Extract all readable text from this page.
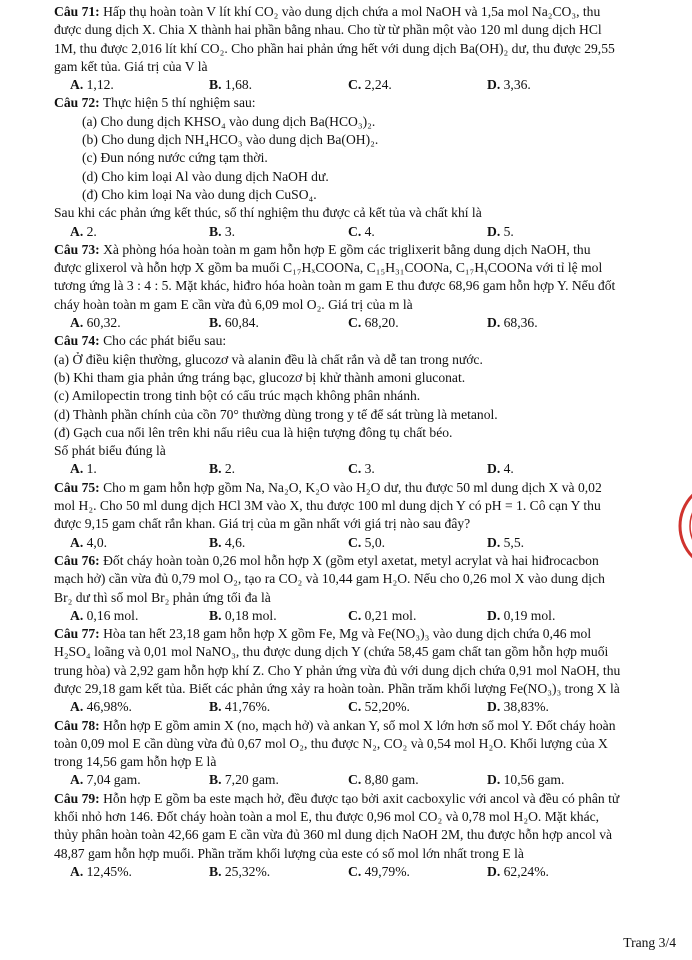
Câu 71: Hấp thụ hoàn toàn V lít khí CO₂ vào dung dịch chứa a mol NaOH và 1,5a mol Na₂CO₃, thu
được dung dịch X. Chia X thành hai phần bằng nhau. Cho từ từ phần một vào 120 ml dung dịch HCl
1M, thu được 2,016 lít khí CO₂. Cho phần hai phản ứng hết với dung dịch Ba(OH)₂ dư, thu được 29,55
gam kết tủa. Giá trị của V là
A. 1,12.	B. 1,68.	C. 2,24.	D. 3,36.
Câu 72: Thực hiện 5 thí nghiệm sau:
(a) Cho dung dịch KHSO₄ vào dung dịch Ba(HCO₃)₂.
(b) Cho dung dịch NH₄HCO₃ vào dung dịch Ba(OH)₂.
(c) Đun nóng nước cứng tạm thời.
(d) Cho kim loại Al vào dung dịch NaOH dư.
(đ) Cho kim loại Na vào dung dịch CuSO₄.
Sau khi các phản ứng kết thúc, số thí nghiệm thu được cả kết tủa và chất khí là
A. 2.	B. 3.	C. 4.	D. 5.
Câu 73: Xà phòng hóa hoàn toàn m gam hỗn hợp E gồm các triglixerit bằng dung dịch NaOH, thu
được glixerol và hỗn hợp X gồm ba muối C₁₇HₓCOONa, C₁₅H₃₁COONa, C₁₇HᵧCOONa với tỉ lệ mol
tương ứng là 3 : 4 : 5. Mặt khác, hiđro hóa hoàn toàn m gam E thu được 68,96 gam hỗn hợp Y. Nếu đốt
cháy hoàn toàn m gam E cần vừa đủ 6,09 mol O₂. Giá trị của m là
A. 60,32.	B. 60,84.	C. 68,20.	D. 68,36.
Câu 74: Cho các phát biểu sau:
(a) Ở điều kiện thường, glucozơ và alanin đều là chất rắn và dễ tan trong nước.
(b) Khi tham gia phản ứng tráng bạc, glucozơ bị khử thành amoni gluconat.
(c) Amilopectin trong tinh bột có cấu trúc mạch không phân nhánh.
(d) Thành phần chính của cồn 70° thường dùng trong y tế để sát trùng là metanol.
(đ) Gạch cua nổi lên trên khi nấu riêu cua là hiện tượng đông tụ chất béo.
Số phát biểu đúng là
A. 1.	B. 2.	C. 3.	D. 4.
Câu 75: Cho m gam hỗn hợp gồm Na, Na₂O, K₂O vào H₂O dư, thu được 50 ml dung dịch X và 0,02
mol H₂. Cho 50 ml dung dịch HCl 3M vào X, thu được 100 ml dung dịch Y có pH = 1. Cô cạn Y thu
được 9,15 gam chất rắn khan. Giá trị của m gần nhất với giá trị nào sau đây?
A. 4,0.	B. 4,6.	C. 5,0.	D. 5,5.
Câu 76: Đốt cháy hoàn toàn 0,26 mol hỗn hợp X (gồm etyl axetat, metyl acrylat và hai hiđrocacbon
mạch hở) cần vừa đủ 0,79 mol O₂, tạo ra CO₂ và 10,44 gam H₂O. Nếu cho 0,26 mol X vào dung dịch
Br₂ dư thì số mol Br₂ phản ứng tối đa là
A. 0,16 mol.	B. 0,18 mol.	C. 0,21 mol.	D. 0,19 mol.
Câu 77: Hòa tan hết 23,18 gam hỗn hợp X gồm Fe, Mg và Fe(NO₃)₃ vào dung dịch chứa 0,46 mol
H₂SO₄ loãng và 0,01 mol NaNO₃, thu được dung dịch Y (chứa 58,45 gam chất tan gồm hỗn hợp muối
trung hòa) và 2,92 gam hỗn hợp khí Z. Cho Y phản ứng vừa đủ với dung dịch chứa 0,91 mol NaOH, thu
được 29,18 gam kết tủa. Biết các phản ứng xảy ra hoàn toàn. Phần trăm khối lượng Fe(NO₃)₃ trong X là
A. 46,98%.	B. 41,76%.	C. 52,20%.	D. 38,83%.
Câu 78: Hỗn hợp E gồm amin X (no, mạch hở) và ankan Y, số mol X lớn hơn số mol Y. Đốt cháy hoàn
toàn 0,09 mol E cần dùng vừa đủ 0,67 mol O₂, thu được N₂, CO₂ và 0,54 mol H₂O. Khối lượng của X
trong 14,56 gam hỗn hợp E là
A. 7,04 gam.	B. 7,20 gam.	C. 8,80 gam.	D. 10,56 gam.
Câu 79: Hỗn hợp E gồm ba este mạch hở, đều được tạo bởi axit cacboxylic với ancol và đều có phân tử
khối nhỏ hơn 146. Đốt cháy hoàn toàn a mol E, thu được 0,96 mol CO₂ và 0,78 mol H₂O. Mặt khác,
thủy phân hoàn toàn 42,66 gam E cần vừa đủ 360 ml dung dịch NaOH 2M, thu được hỗn hợp ancol và
48,87 gam hỗn hợp muối. Phần trăm khối lượng của este có số mol lớn nhất trong E là
A. 12,45%.	B. 25,32%.	C. 49,79%.	D. 62,24%.
Trang 3/4
